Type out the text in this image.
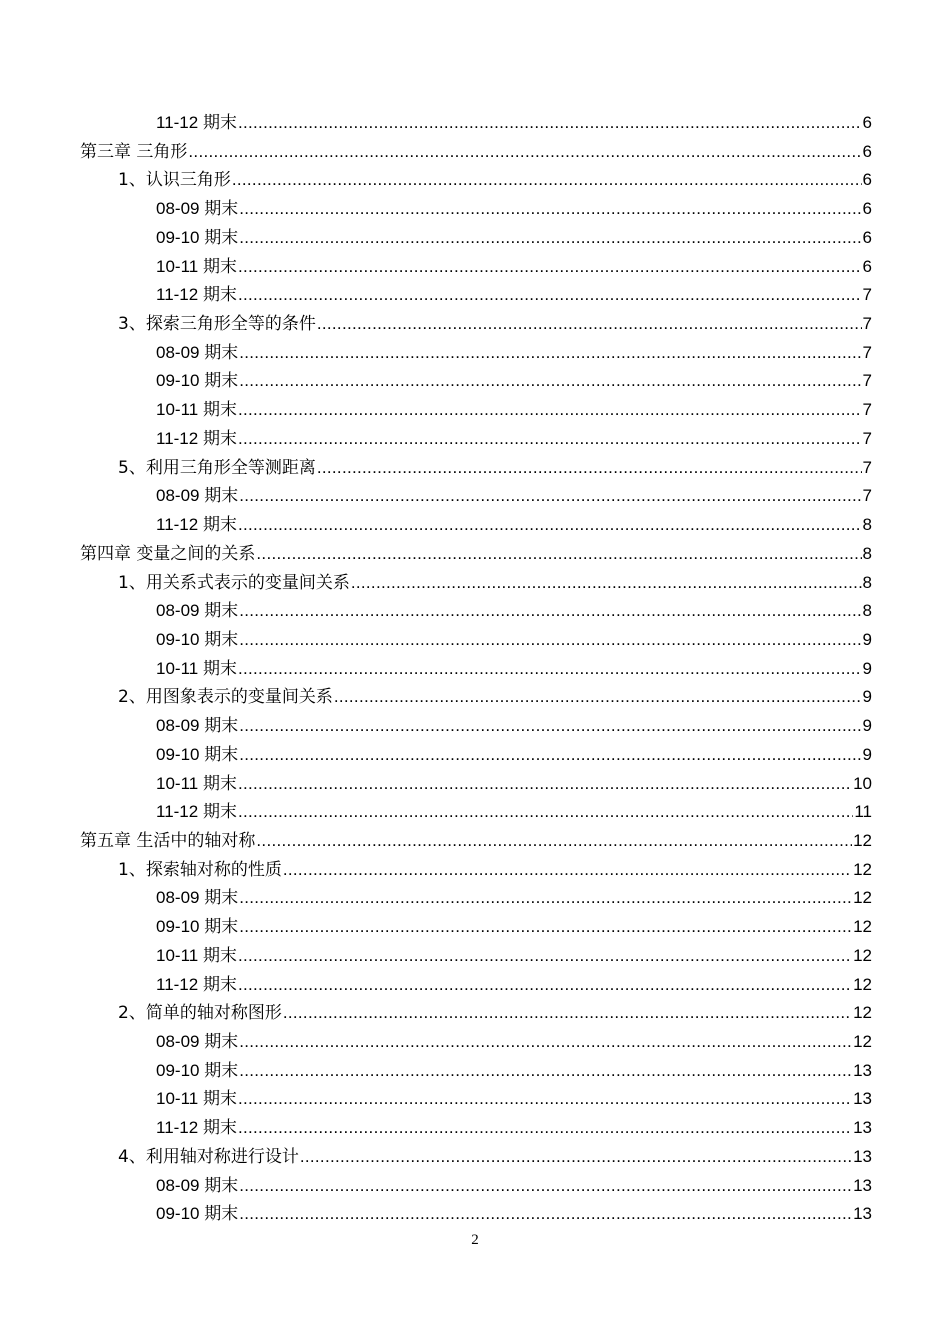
11-12 期末 .....	6
第三章 三角形 .....	6
1、认识三角形 .....	6
08-09 期末 .....	6
09-10 期末 .....	6
10-11 期末 .....	6
11-12 期末 .....	7
3、探索三角形全等的条件 .....	7
08-09 期末 .....	7
09-10 期末 .....	7
10-11 期末 .....	7
11-12 期末 .....	7
5、利用三角形全等测距离 .....	7
08-09 期末 .....	7
11-12 期末 .....	8
第四章 变量之间的关系 .....	8
1、用关系式表示的变量间关系 .....	8
08-09 期末 .....	8
09-10 期末 .....	9
10-11 期末 .....	9
2、用图象表示的变量间关系 .....	9
08-09 期末 .....	9
09-10 期末 .....	9
10-11 期末 .....	10
11-12 期末 .....	11
第五章 生活中的轴对称 .....	12
1、探索轴对称的性质 .....	12
08-09 期末 .....	12
09-10 期末 .....	12
10-11 期末 .....	12
11-12 期末 .....	12
2、简单的轴对称图形 .....	12
08-09 期末 .....	12
09-10 期末 .....	13
10-11 期末 .....	13
11-12 期末 .....	13
4、利用轴对称进行设计 .....	13
08-09 期末 .....	13
09-10 期末 .....	13
2
